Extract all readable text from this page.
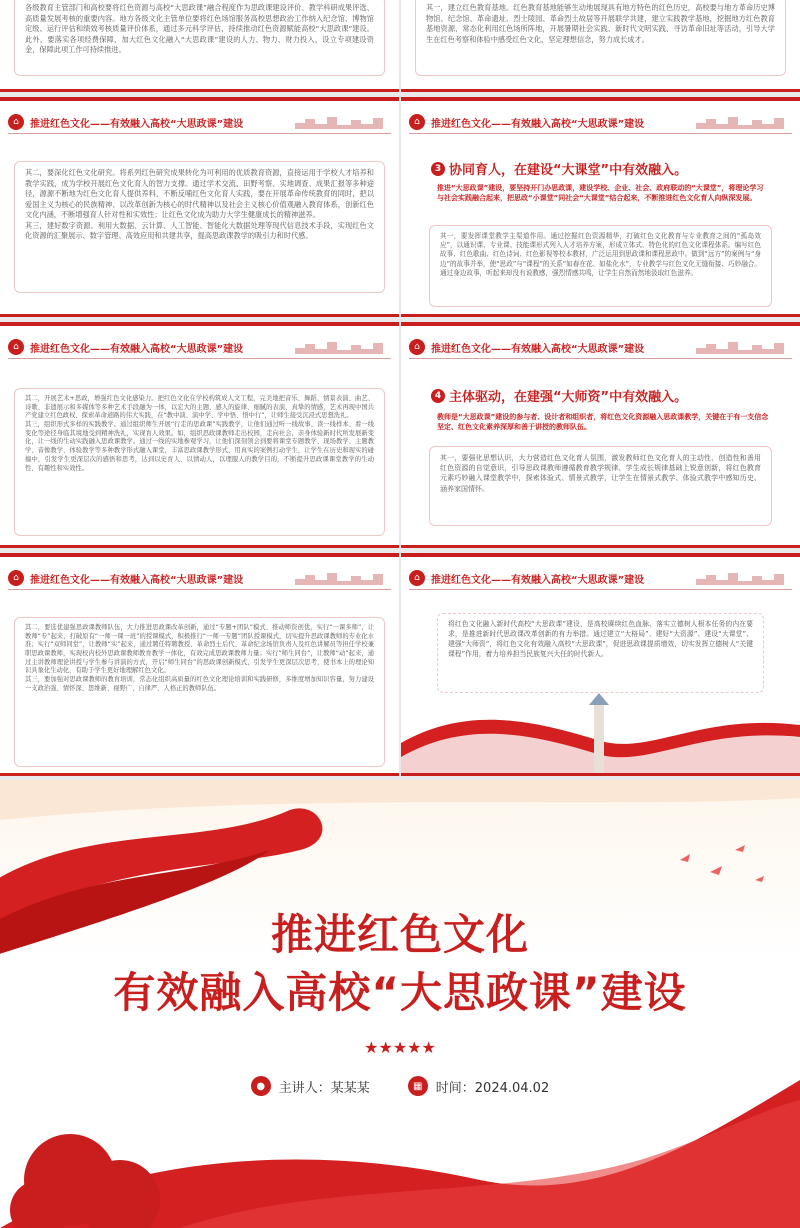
各级教育主管部门和高校要将红色资源与高校“大思政课”融合程度作为思政课建设评价、教学科研成果评选、高质量发展考核的重要内容。地方各级文化主管单位要将红色场馆服务高校思想政治工作纳入纪念馆、博物馆定级、运行评估和绩效考核质量评价体系，通过多元科学评估，持续推动红色资源赋能高校“大思政课”建设。此外，要落实各项经费保障，加大红色文化融入“大思政课”建设的人力、物力、财力投入，设立专项建设资金，保障此项工作可持续推进。
其一，建立红色教育基地。红色教育基地能够生动地展现具有地方特色的红色历史，高校要与地方革命历史博物馆、纪念馆、革命遗址、烈士陵园、革命烈士故居等开展联学共建，建立实践教学基地，挖掘地方红色教育基地资源，常态化利用红色场所阵地，开展暑期社会实践、新时代文明实践、寻访革命旧址等活动，引导大学生在红色考察和体验中感受红色文化，坚定理想信念，努力成长成才。
⌂	推进红色文化——有效融入高校“大思政课”建设
其二，要深化红色文化研究。将系列红色研究成果转化为可利用的优质教育资源，直接运用于学校人才培养和教学实践，成为学校开展红色文化育人的智力支撑。通过学术交流、田野考察、实地调查、成果汇报等多种途径，源源不断地为红色文化育人提供养料，不断反哺红色文化育人实践，要在开展革命传统教育的同时，把以爱国主义为核心的民族精神、以改革创新为核心的时代精神以及社会主义核心价值观融入教育体系，创新红色文化内涵，不断增强育人针对性和实效性；让红色文化成为助力大学生健康成长的精神滋养。
其三，建好数字资源。利用大数据、云计算、人工智能、智能化大数据处理等现代信息技术手段，实现红色文化资源的汇聚展示、数字管理、高效应用和共建共享，提高思政课教学的吸引力和时代感。
⌂	推进红色文化——有效融入高校“大思政课”建设
3 协同育人，在建设“大课堂”中有效融入。
推进“大思政课”建设，要坚持开门办思政课，建设学校、企业、社会、政府联动的“大课堂”，将理论学习与社会实践融合起来，把思政“小课堂”同社会“大课堂”结合起来，不断推进红色文化育人向纵深发展。
其一，要发挥课堂教学主渠道作用。通过挖掘红色资源精华，打破红色文化教育与专业教育之间的“孤岛效应”，以通识课、专业课、技能课形式列入人才培养方案，形成立体式、特色化的红色文化课程体系。编写红色故事、红色歌曲、红色诗词、红色影视等校本教材，广泛运用到思政课和课程思政中。做到“远方”的案例与“身边”的故事并举，使“思政”与“课程”的关系“如春在花、如盐化水”，专业教学与红色文化无缝衔接、巧妙融合。通过身边故事，听起来却没有说教感，强烈情感共鸣，让学生自然而然地汲取红色滋养。
⌂	推进红色文化——有效融入高校“大思政课”建设
其二，开展艺术+思政，增强红色文化感染力。把红色文化在学校构筑成人文工程，完美地把音乐、舞蹈、情景表演、曲艺、诗歌、非遗展示和多媒体等多种艺术手段融为一体，以宏大的主题、感人的旋律、细腻的表演、真挚的情感，艺术再现中国共产党建立红色政权、探索革命道路的伟大实践，在“教中演、演中学、学中悟、悟中行”，让师生接受沉浸式思想洗礼。
其三，组织形式多样的实践教学。通过组织师生开展“行走的思政课”实践教学，让他们通过听一线故事、读一线样本、看一线变化等途径身临其境地受到精神洗礼，实现育人效果。如，组织思政课教师走出校园，走向社会，亲身体验新时代所发展新变化，让一线的生动实践融入思政课教学。通过一线的实地参观学习，让他们深刻领会到要将课堂专题教学、现场教学、主题教学、音像教学、体验教学等多种教学形式融入课堂，丰富思政课教学形式，用真实的案例打动学生，让学生在历史和现实的碰撞中，引发学生更深层次的感悟和思考，达到以史育人、以情动人，以理服人的教学目的，不断提升思政课课堂教学的生动性、有趣性和实效性。
⌂	推进红色文化——有效融入高校“大思政课”建设
4 主体驱动，在建强“大师资”中有效融入。
教师是“大思政课”建设的参与者、设计者和组织者，将红色文化资源融入思政课教学，关键在于有一支信念坚定、红色文化素养深厚和善于讲授的教师队伍。
其一，要强化思想认识，大力营造红色文化育人氛围，激发教师红色文化育人的主动性、创造性和善用红色资源的自觉意识，引导思政课教师遵循教育教学规律、学生成长规律基础上锐意创新，将红色教育元素巧妙融入课堂教学中，探索体验式、情景式教学，让学生在情景式教学、体验式教学中感知历史、涵养家国情怀。
⌂	推进红色文化——有效融入高校“大思政课”建设
其二，要选优建强思政课教师队伍，大力推进思政课改革创新，通过“专题+团队”模式、推动师资创优，实行“一课多师”，让教师“专”起来，打破原有“一师一课一班”的授课模式，积极推行“一师一专题”团队授课模式，切实提升思政课教师的专业化水准；实行“双师同堂”，让教师“实”起来，通过聘任特聘教授、革命烈士后代、革命纪念场馆负责人及红色讲解员等担任学校兼职思政课教师，实现校内校外思政课教师教育教学一体化，有效完成思政课教师力量；实行“师生同台”，让教师“动”起来，通过主讲教师理论讲授与学生参与讲演的方式，开启“师生同台”的思政课创新模式，引发学生更深层次思考，使书本上的理论知识具象化生动化，有助于学生更好地理解红色文化。
其三，要加强对思政课教师的教育培训，常态化组织高质量的红色文化理论培训和实践研修，多维度增加知识容量，努力建设一支政治强、情怀深、思维新、视野广、自律严、人格正的教师队伍。
⌂	推进红色文化——有效融入高校“大思政课”建设
将红色文化融入新时代高校“大思政课”建设，是高校赓续红色血脉、落实立德树人根本任务的内在要求，是推进新时代思政课改革创新的有力举措。通过建立“大格局”、建好“大资源”、建设“大课堂”、建强“大师资”，将红色文化有效融入高校“大思政课”，促进思政课提质增效，切实发挥立德树人“关键课程”作用，着力培养担当民族复兴大任的时代新人。
推进红色文化
有效融入高校“大思政课”建设
★★★★★
●	主讲人：某某某	▦	时间：2024.04.02
